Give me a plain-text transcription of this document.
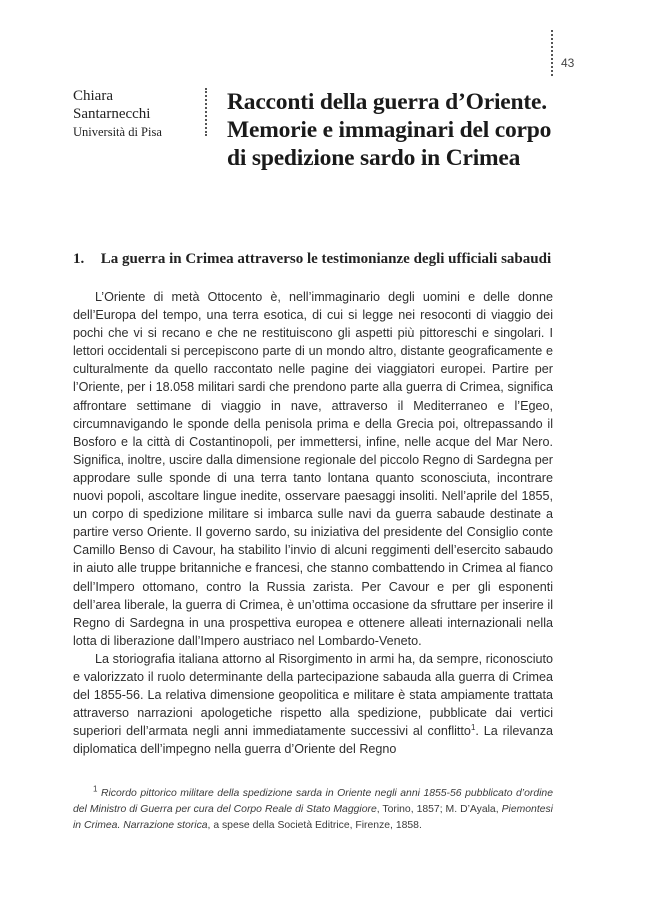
43
Chiara
Santarnecchi
Università di Pisa
Racconti della guerra d’Oriente. Memorie e immaginari del corpo di spedizione sardo in Crimea
1. La guerra in Crimea attraverso le testimonianze degli ufficiali sabaudi

L’Oriente di metà Ottocento è, nell’immaginario degli uomini e delle donne dell’Europa del tempo, una terra esotica, di cui si legge nei resoconti di viaggio dei pochi che vi si recano e che ne restituiscono gli aspetti più pittoreschi e singolari. I lettori occidentali si percepiscono parte di un mondo altro, distante geograficamente e culturalmente da quello raccontato nelle pagine dei viaggiatori europei. Partire per l’Oriente, per i 18.058 militari sardi che prendono parte alla guerra di Crimea, significa affrontare settimane di viaggio in nave, attraverso il Mediterraneo e l’Egeo, circumnavigando le sponde della penisola prima e della Grecia poi, oltrepassando il Bosforo e la città di Costantinopoli, per immettersi, infine, nelle acque del Mar Nero. Significa, inoltre, uscire dalla dimensione regionale del piccolo Regno di Sardegna per approdare sulle sponde di una terra tanto lontana quanto sconosciuta, incontrare nuovi popoli, ascoltare lingue inedite, osservare paesaggi insoliti. Nell’aprile del 1855, un corpo di spedizione militare si imbarca sulle navi da guerra sabaude destinate a partire verso Oriente. Il governo sardo, su iniziativa del presidente del Consiglio conte Camillo Benso di Cavour, ha stabilito l’invio di alcuni reggimenti dell’esercito sabaudo in aiuto alle truppe britanniche e francesi, che stanno combattendo in Crimea al fianco dell’Impero ottomano, contro la Russia zarista. Per Cavour e per gli esponenti dell’area liberale, la guerra di Crimea, è un’ottima occasione da sfruttare per inserire il Regno di Sardegna in una prospettiva europea e ottenere alleati internazionali nella lotta di liberazione dall’Impero austriaco nel Lombardo-Veneto.

La storiografia italiana attorno al Risorgimento in armi ha, da sempre, riconosciuto e valorizzato il ruolo determinante della partecipazione sabauda alla guerra di Crimea del 1855-56. La relativa dimensione geopolitica e militare è stata ampiamente trattata attraverso narrazioni apologetiche rispetto alla spedizione, pubblicate dai vertici superiori dell’armata negli anni immediatamente successivi al conflitto$^1$. La rilevanza diplomatica dell’impegno nella guerra d’Oriente del Regno

$^1$ Ricordo pittorico militare della spedizione sarda in Oriente negli anni 1855-56 pubblicato d’ordine del Ministro di Guerra per cura del Corpo Reale di Stato Maggiore, Torino, 1857; M. D’Ayala, Piemontesi in Crimea. Narrazione storica, a spese della Società Editrice, Firenze, 1858.
